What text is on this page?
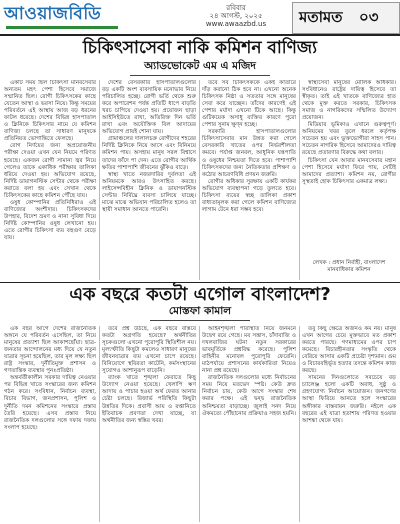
আওয়াজবিডি	রবিবার
২৪ আগস্ট, ২০২৫
www.awaazbd.us	মতামত ০৩
চিকিৎসাসেবা নাকি কমিশন বাণিজ্য
অ্যাডভোকেট এম এ মজিদ

একটি সময় ছিল চিকিৎসা মানবসেবার অন্যতম মহৎ পেশা হিসেবে সমাজে সম্মানিত ছিল। রোগী চিকিৎসকের কাছে যেতেন আস্থা ও ভরসা নিয়ে। কিন্তু সময়ের পরিবর্তনে এই আস্থায় আজ বড় ধরনের ফাটল ধরেছে। দেশের বিভিন্ন হাসপাতাল ও ক্লিনিকে চিকিৎসার নামে যে কমিশন বাণিজ্য চলছে তা সাধারণ মানুষকে প্রতিনিয়ত ভোগান্তিতে ফেলছে।

রোগ নির্ণয়ের জন্য অপ্রয়োজনীয় পরীক্ষা দেওয়া এখন যেন নিয়মে পরিণত হয়েছে। একজন রোগী সামান্য জ্বর নিয়ে গেলেও তাকে একাধিক পরীক্ষার তালিকা ধরিয়ে দেওয়া হয়। অভিযোগ রয়েছে, নির্দিষ্ট ডায়াগনস্টিক সেন্টার থেকে পরীক্ষা করাতে বলা হয় এবং সেখান থেকে চিকিৎসকের কাছে কমিশন পৌঁছে যায়।

ওষুধ কোম্পানির প্রতিনিধিরাও এই বাণিজ্যের অংশীদার। চিকিৎসকদের উপহার, বিদেশ ভ্রমণ ও নানা সুবিধা দিয়ে নির্দিষ্ট কোম্পানির ওষুধ লেখানো হয়। এতে রোগীর চিকিৎসা ব্যয় বহুগুণ বেড়ে যায়।

দেশের বেসরকারি হাসপাতালগুলোর বড় একটি অংশ ব্যবসায়িক মনোভাব নিয়ে পরিচালিত হচ্ছে। রোগী ভর্তি থেকে শুরু করে অপারেশন পর্যন্ত প্রতিটি ধাপে বাড়তি খরচ চাপিয়ে দেওয়া হয়। প্রয়োজন ছাড়া আইসিইউতে রাখা, অতিরিক্ত দিন ভর্তি রাখা এবং অযৌক্তিক বিল আদায়ের অভিযোগ প্রায়ই শোনা যায়।

গ্রামাঞ্চলের দালালচক্র রোগীদের শহরের নির্দিষ্ট ক্লিনিকে নিয়ে আসে এবং বিনিময়ে কমিশন পায়। অসহায় মানুষ সরল বিশ্বাসে তাদের ফাঁদে পা দেন। এতে রোগীর আর্থিক ক্ষতির পাশাপাশি জীবনের ঝুঁকিও বাড়ে।

স্বাস্থ্য খাতে নজরদারির দুর্বলতা এই অনিয়মকে আরও উৎসাহিত করছে। লাইসেন্সবিহীন ক্লিনিক ও ডায়াগনস্টিক সেন্টার নির্বিঘ্নে ব্যবসা চালিয়ে যাচ্ছে। মাঝে মাঝে অভিযান পরিচালিত হলেও তা স্থায়ী সমাধান আনতে পারেনি।

তবে সব চিকিৎসককে একই কাতারে দাঁড় করানো ঠিক হবে না। এখনো অনেক চিকিৎসক নিষ্ঠা ও সততার সঙ্গে মানুষের সেবা করে যাচ্ছেন। তাঁদের কারণেই এই পেশার মর্যাদা এখনো টিকে আছে। কিন্তু গুটিকয়েক অসাধু ব্যক্তির কারণে পুরো পেশার সুনাম ক্ষুণ্ন হচ্ছে।

সরকারি হাসপাতালগুলোর চিকিৎসাসেবার মান উন্নত করা গেলে বেসরকারি খাতের ওপর নির্ভরশীলতা কমবে। পর্যাপ্ত জনবল, আধুনিক যন্ত্রপাতি ও ওষুধের নিশ্চয়তা দিতে হবে। পাশাপাশি চিকিৎসকদের জন্য নৈতিকতার প্রশিক্ষণ ও কঠোর আচরণবিধি প্রণয়ন জরুরি।

রোগীর অধিকার সুরক্ষায় একটি কার্যকর অভিযোগ ব্যবস্থাপনা গড়ে তুলতে হবে। চিকিৎসা ব্যয়ের স্বচ্ছ তালিকা প্রকাশ বাধ্যতামূলক করা গেলে কমিশন বাণিজ্যের লাগাম টেনে ধরা সম্ভব হবে।

স্বাস্থ্যসেবা মানুষের মৌলিক অধিকার। সংবিধানেও রাষ্ট্রের দায়িত্ব হিসেবে তা স্বীকৃত। তাই এই খাতকে বাণিজ্যের হাত থেকে মুক্ত করতে সরকার, চিকিৎসক সমাজ ও নাগরিকদের সম্মিলিত উদ্যোগ প্রয়োজন।

মিডিয়ার ভূমিকাও এখানে গুরুত্বপূর্ণ। অনিয়মের খবর তুলে ধরলে কর্তৃপক্ষ সচেতন হয় এবং ভুক্তভোগীরা সাহস পান। সচেতন নাগরিক হিসেবে আমাদেরও দায়িত্ব রয়েছে প্রতারণার বিরুদ্ধে কথা বলার।

চিকিৎসা যেন আবার মানবসেবার মহান পেশা হিসেবে মর্যাদা ফিরে পায়, সেটিই আমাদের প্রত্যাশা। কমিশন নয়, রোগীর সুস্থতাই হোক চিকিৎসার একমাত্র লক্ষ্য।

লেখক : প্রধান নির্বাহী, বাংলাদেশ মানবাধিকার কমিশন
এক বছরে কতটা এগোল বাংলাদেশ?
মোস্তফা কামাল

এক বছর আগে দেশের রাজনৈতিক অঙ্গনে যে পরিবর্তন এসেছিল, তা নিয়ে মানুষের প্রত্যাশা ছিল আকাশছোঁয়া। ছাত্র-জনতার আন্দোলনের মধ্য দিয়ে যে নতুন যাত্রার সূচনা হয়েছিল, তার মূল লক্ষ্য ছিল রাষ্ট্র সংস্কার, দুর্নীতিমুক্ত প্রশাসন ও গণতান্ত্রিক ব্যবস্থার পুনঃপ্রতিষ্ঠা।

অন্তর্বর্তীকালীন সরকার দায়িত্ব নেওয়ার পর বিভিন্ন খাতে সংস্কারের জন্য কমিশন গঠন করে। সংবিধান, নির্বাচন ব্যবস্থা, বিচার বিভাগ, জনপ্রশাসন, পুলিশ ও দুর্নীতি দমন কমিশনের সংস্কারে প্রস্তাব তৈরি হয়েছে। এসব প্রস্তাব নিয়ে রাজনৈতিক দলগুলোর সঙ্গে দফায় দফায় সংলাপ হয়েছে।

তবে প্রশ্ন উঠছে, এক বছরে বাস্তবে কতটা অগ্রগতি হয়েছে? অর্থনীতির সূচকগুলো এখনো পুরোপুরি স্থিতিশীল নয়। মূল্যস্ফীতি কিছুটা কমলেও সাধারণ মানুষের জীবনযাত্রার ব্যয় এখনো চাপে রয়েছে। বিনিয়োগে স্থবিরতা কাটেনি, কর্মসংস্থানের সুযোগও আশানুরূপ বাড়েনি।

ব্যাংক খাতে শৃঙ্খলা ফেরাতে কিছু উদ্যোগ নেওয়া হয়েছে। খেলাপি ঋণ আদায় ও পাচার হওয়া অর্থ ফেরত আনার চেষ্টা চলছে। রিজার্ভ পরিস্থিতি কিছুটা উন্নতির দিকে। প্রবাসী আয় ও রপ্তানিতে ইতিবাচক প্রবণতা দেখা যাচ্ছে, যা অর্থনীতির জন্য স্বস্তির খবর।

আইনশৃঙ্খলা পরিস্থিতি নিয়ে জনমনে উদ্বেগ রয়ে গেছে। মব সন্ত্রাস, চাঁদাবাজি ও দখলবাজির ঘটনা নতুন সরকারের ভাবমূর্তিকে প্রশ্নবিদ্ধ করেছে। পুলিশ বাহিনীর মনোবল পুরোপুরি ফেরেনি। মাঠপর্যায়ে প্রশাসনের কার্যকারিতা নিয়েও নানা প্রশ্ন রয়েছে।

রাজনৈতিক দলগুলোর মধ্যে নির্বাচনের সময় নিয়ে মতভেদ স্পষ্ট। কেউ দ্রুত নির্বাচন চায়, কেউ আগে সংস্কার শেষ করার পক্ষে। এই দ্বন্দ্ব রাজনৈতিক অনিশ্চয়তা বাড়াচ্ছে। জুলাই সনদ নিয়ে ঐকমত্যে পৌঁছানোর প্রক্রিয়াও সহজ হয়নি।

তবু কিছু ক্ষেত্রে অর্জনও কম নয়। মানুষ এখন আগের চেয়ে মুক্তভাবে মত প্রকাশ করতে পারছে। গণমাধ্যমের ওপর চাপ কমেছে। বিচারহীনতার সংস্কৃতি থেকে বেরিয়ে আসার একটি প্রচেষ্টা দৃশ্যমান। গুম ও বিচারবহির্ভূত হত্যার তদন্তে কমিশন কাজ করছে।

সামনের দিনগুলোতে সবচেয়ে বড় চ্যালেঞ্জ হলো একটি অবাধ, সুষ্ঠু ও গ্রহণযোগ্য নির্বাচন আয়োজন। জনগণের আস্থা ফিরিয়ে আনতে হলে সংস্কারের অঙ্গীকার বাস্তবায়ন জরুরি। নইলে এক বছরের এই যাত্রা হতাশায় পরিণত হওয়ার আশঙ্কা থেকে যায়।
